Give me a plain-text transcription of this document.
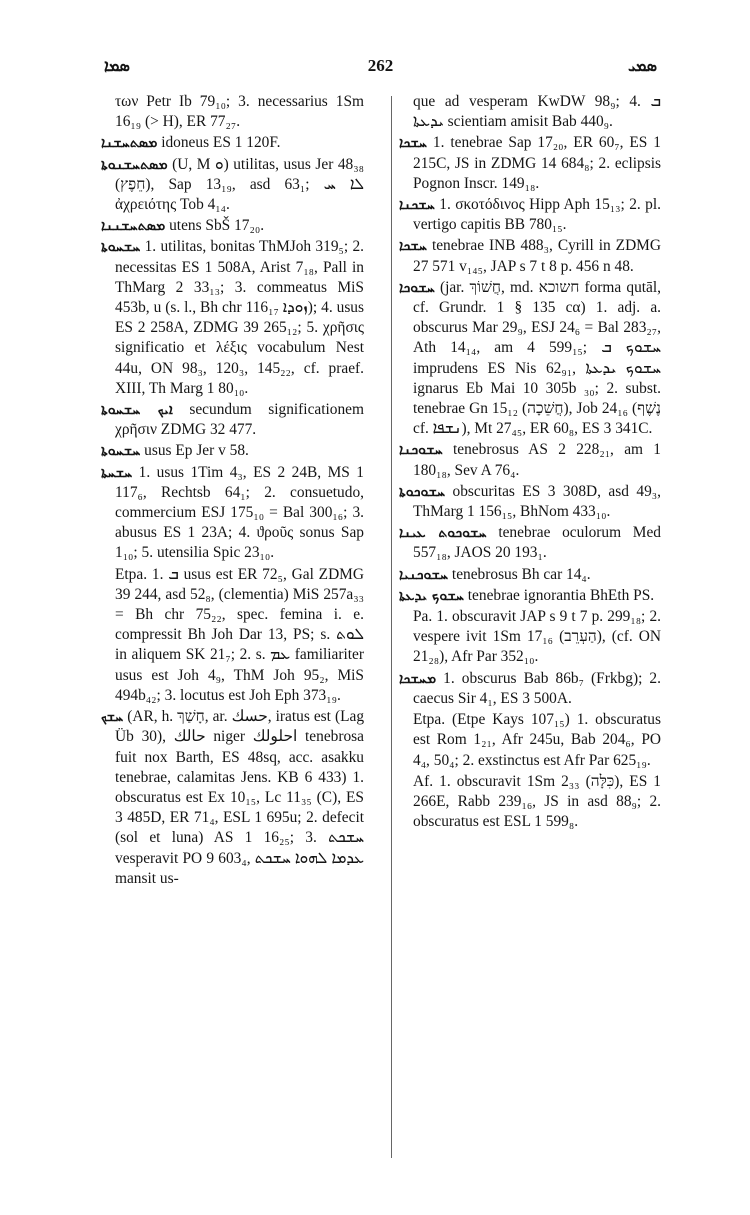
ܣܡܐ	262	ܣܡܝ
των Petr Ib 79₁₀; 3. necessarius 1Sm 16₁₉ (> H), ER 77₂₇.
ܡܣܬܚܫܢܐ idoneus ES 1 120F.
ܡܣܬܚܫܢܘܬܐ (U, M ܘ) utilitas, usus Jer 48₃₈ (חֵפֶץ), Sap 13₁₉, asd 63₁; ܠܐ ܚ ἀχρειότης Tob 4₁₄.
ܡܣܬܚܫܢܢܐ utens SbŠ 17₂₀.
ܚܫܚܘܬܐ 1. utilitas, bonitas ThMJoh 319₅; 2. necessitas ES 1 508A, Arist 7₁₈, Pall in ThMarg 2 33₁₃; 3. commeatus MiS 453b, u (s. l., Bh chr 116₁₇ ܙܘܕܐ); 4. usus ES 2 258A, ZDMG 39 265₁₂; 5. χρῆσις significatio et λέξις vocabulum Nest 44u, ON 98₃, 120₃, 145₂₂, cf. praef. XIII, Th Marg 1 80₁₀.
ܐܝܟ ܚܫܚܘܬܐ secundum significationem χρῆσιν ZDMG 32 477.
ܚܫܚܘܬܐ usus Ep Jer v 58.
ܚܫܚܬܐ 1. usus 1Tim 4₃, ES 2 24B, MS 1 117₆, Rechtsb 64₁; 2. consuetudo, commercium ESJ 175₁₀ = Bal 300₁₆; 3. abusus ES 1 23A; 4. ϑροῦς sonus Sap 1₁₀; 5. utensilia Spic 23₁₀.
Etpa. 1. ܒ usus est ER 72₅, Gal ZDMG 39 244, asd 52₈, (clementia) MiS 257a₃₃ = Bh chr 75₂₂, spec. femina i. e. compressit Bh Joh Dar 13, PS; s. ܠܘܬ in aliquem SK 21₇; 2. s. ܥܡ familiariter usus est Joh 4₉, ThM Joh 95₂, MiS 494b₄₂; 3. locutus est Joh Eph 373₁₉.
ܚܫܟ (AR, h. חָשַׁךְ, ar. حسك, iratus est (Lag Üb 30), حالك niger احلولك tenebrosa fuit nox Barth, ES 48sq, acc. asakku tenebrae, calamitas Jens. KB 6 433) 1. obscuratus est Ex 10₁₅, Lc 11₃₅ (C), ES 3 485D, ER 71₄, ESL 1 695u; 2. defecit (sol et luna) AS 1 16₂₅; 3. ܚܫܟܬ vesperavit PO 9 603₄, ܥܕܡܐ ܠܗܘܐ ܚܫܟܬ mansit us-
que ad vesperam KwDW 98₉; 4. ܒ ܝܕܥܬܐ scientiam amisit Bab 440₉.
ܚܫܟܐ 1. tenebrae Sap 17₂₀, ER 60₇, ES 1 215C, JS in ZDMG 14 684₈; 2. eclipsis Pognon Inscr. 149₁₈.
ܚܫܟܢܐ 1. σκοτόδινος Hipp Aph 15₁₃; 2. pl. vertigo capitis BB 780₁₅.
ܚܫܟܐ tenebrae INB 488₃, Cyrill in ZDMG 27 571 v₁₄₅, JAP s 7 t 8 p. 456 n 48.
ܚܫܘܟܐ (jar. חֲשׁוֹךְ, md. חשוכא forma qutāl, cf. Grundr. 1 § 135 cα) 1. adj. a. obscurus Mar 29₉, ESJ 24₆ = Bal 283₂₇, Ath 14₁₄, am 4 599₁₅; ܚܫܘܟ ܒ imprudens ES Nis 62₉₁, ܚܫܘܟ ܝܕܥܬܐ ignarus Eb Mai 10 305b ₃₀; 2. subst. tenebrae Gn 15₁₂ (חֲשֵׁכָה), Job 24₁₆ (נֶשֶׁף cf. ܢܫܦܐ), Mt 27₄₅, ER 60₈, ES 3 341C.
ܚܫܘܟܢܐ tenebrosus AS 2 228₂₁, am 1 180₁₈, Sev A 76₄.
ܚܫܘܟܘܬܐ obscuritas ES 3 308D, asd 49₃, ThMarg 1 156₁₅, BhNom 433₁₀.
ܚܫܘܟܘܬ ܥܝܢܐ tenebrae oculorum Med 557₁₈, JAOS 20 193₁.
ܚܫܘܟܢܝܐ tenebrosus Bh car 14₄.
ܚܫܘܟ ܝܕܥܬܐ tenebrae ignorantia BhEth PS.
Pa. 1. obscuravit JAP s 9 t 7 p. 299₁₈; 2. vespere ivit 1Sm 17₁₆ (הַעְרֵב), (cf. ON 21₂₈), Afr Par 352₁₀.
ܡܚܫܟܐ 1. obscurus Bab 86b₇ (Frkbg); 2. caecus Sir 4₁, ES 3 500A.
Etpa. (Etpe Kays 107₁₅) 1. obscuratus est Rom 1₂₁, Afr 245u, Bab 204₆, PO 4₄, 50₄; 2. exstinctus est Afr Par 625₁₉.
Af. 1. obscuravit 1Sm 2₃₃ (כִּלָּה), ES 1 266E, Rabb 239₁₆, JS in asd 88₉; 2. obscuratus est ESL 1 599₈.
